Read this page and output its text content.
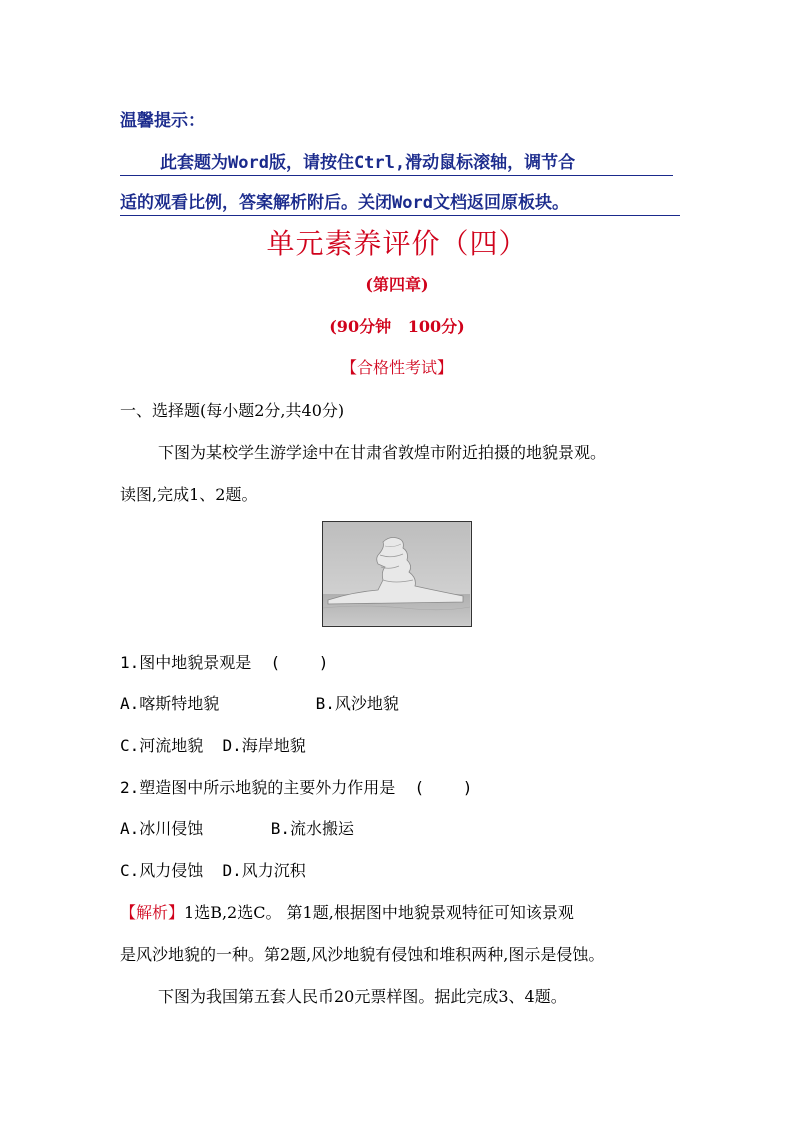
温馨提示：
此套题为Word版，请按住Ctrl,滑动鼠标滚轴，调节合
适的观看比例，答案解析附后。关闭Word文档返回原板块。
单元素养评价（四）
(第四章)
(90分钟   100分)
【合格性考试】
一、选择题(每小题2分,共40分)
下图为某校学生游学途中在甘肃省敦煌市附近拍摄的地貌景观。
读图,完成1、2题。
1.图中地貌景观是  (    )
A.喀斯特地貌          B.风沙地貌
C.河流地貌  D.海岸地貌
2.塑造图中所示地貌的主要外力作用是  (    )
A.冰川侵蚀       B.流水搬运
C.风力侵蚀  D.风力沉积
【解析】1选B,2选C。 第1题,根据图中地貌景观特征可知该景观
是风沙地貌的一种。第2题,风沙地貌有侵蚀和堆积两种,图示是侵蚀。
下图为我国第五套人民币20元票样图。据此完成3、4题。
